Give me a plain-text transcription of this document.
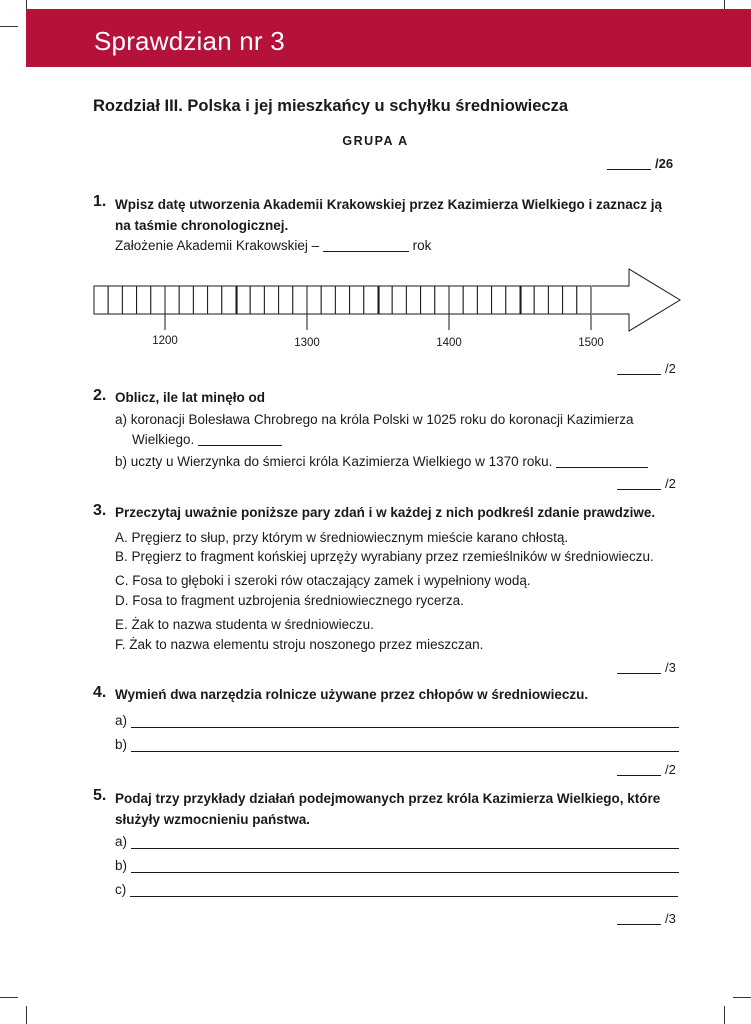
Sprawdzian nr 3
Rozdział III. Polska i jej mieszkańcy u schyłku średniowiecza
GRUPA A
/26
1. Wpisz datę utworzenia Akademii Krakowskiej przez Kazimierza Wielkiego i zaznacz ją
na taśmie chronologicznej.
Założenie Akademii Krakowskiej –	rok
1200	1300	1400	1500
/2
2. Oblicz, ile lat minęło od
a) koronacji Bolesława Chrobrego na króla Polski w 1025 roku do koronacji Kazimierza
Wielkiego.
b) uczty u Wierzynka do śmierci króla Kazimierza Wielkiego w 1370 roku.
/2
3. Przeczytaj uważnie poniższe pary zdań i w każdej z nich podkreśl zdanie prawdziwe.
A. Pręgierz to słup, przy którym w średniowiecznym mieście karano chłostą.
B. Pręgierz to fragment końskiej uprzęży wyrabiany przez rzemieślników w średniowieczu.
C. Fosa to głęboki i szeroki rów otaczający zamek i wypełniony wodą.
D. Fosa to fragment uzbrojenia średniowiecznego rycerza.
E. Żak to nazwa studenta w średniowieczu.
F. Żak to nazwa elementu stroju noszonego przez mieszczan.
/3
4. Wymień dwa narzędzia rolnicze używane przez chłopów w średniowieczu.
a)
b)
/2
5. Podaj trzy przykłady działań podejmowanych przez króla Kazimierza Wielkiego, które
służyły wzmocnieniu państwa.
a)
b)
c)
/3
